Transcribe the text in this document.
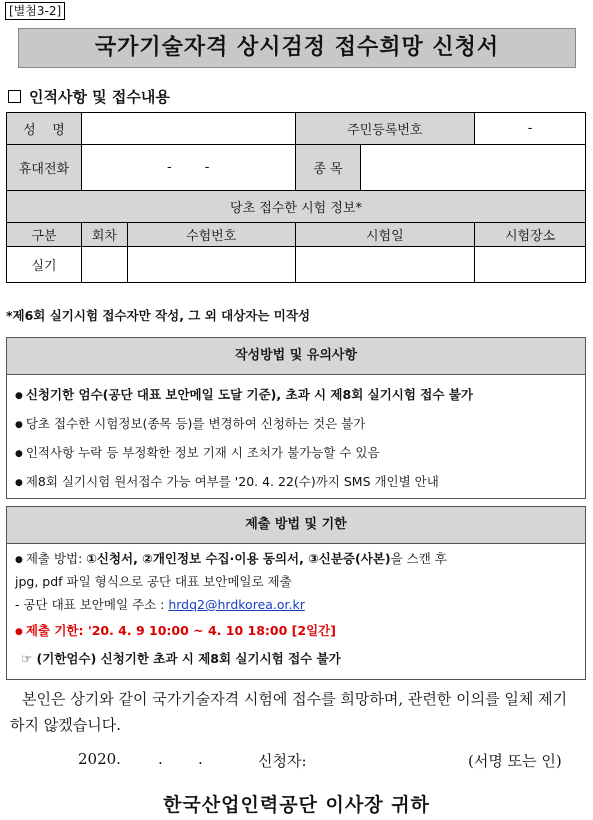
[별첨3-2]
국가기술자격 상시검정 접수희망 신청서
인적사항 및 접수내용
성    명			주민등록번호		-
휴대전화	-        -		종 목		
당초 접수한 시험 정보*					
구분	회차	수험번호	시험일		시험장소
실기					
*제6회 실기시험 접수자만 작성, 그 외 대상자는 미작성
작성방법 및 유의사항
● 신청기한 엄수(공단 대표 보안메일 도달 기준), 초과 시 제8회 실기시험 접수 불가
● 당초 접수한 시험정보(종목 등)를 변경하여 신청하는 것은 불가
● 인적사항 누락 등 부정확한 정보 기재 시 조치가 불가능할 수 있음
● 제8회 실기시험 원서접수 가능 여부를 '20. 4. 22(수)까지 SMS 개인별 안내
제출 방법 및 기한
● 제출 방법: ①신청서, ②개인정보 수집·이용 동의서, ③신분증(사본)을 스캔 후
jpg, pdf 파일 형식으로 공단 대표 보안메일로 제출
- 공단 대표 보안메일 주소 : hrdq2@hrdkorea.or.kr
● 제출 기한: '20. 4. 9 10:00 ~ 4. 10 18:00 [2일간]
☞ (기한엄수) 신청기한 초과 시 제8회 실기시험 접수 불가
본인은 상기와 같이 국가기술자격 시험에 접수를 희망하며, 관련한 이의를 일체 제기하지 않겠습니다.
2020. . .	신청자:	(서명 또는 인)
한국산업인력공단 이사장 귀하
